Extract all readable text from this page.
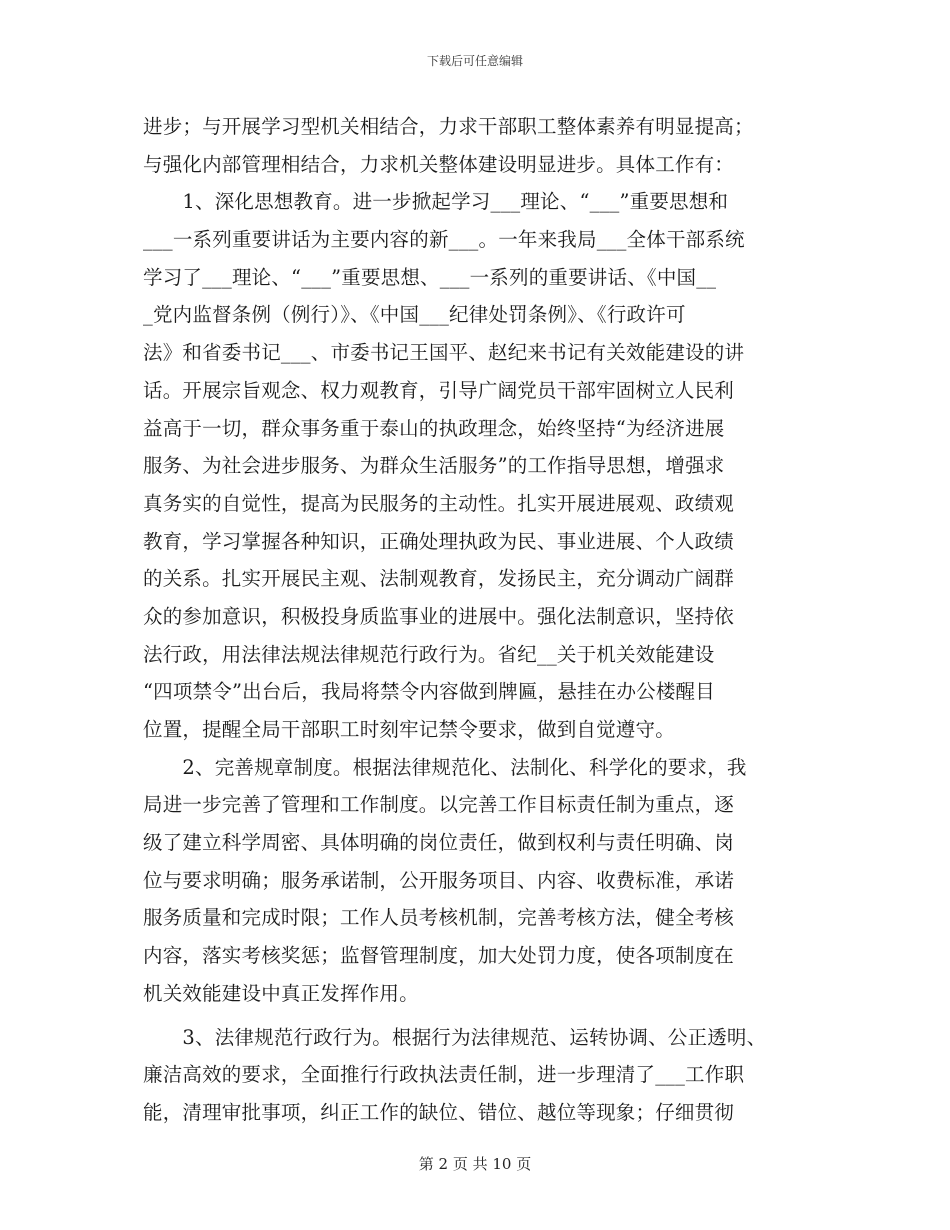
下载后可任意编辑
进步；与开展学习型机关相结合，力求干部职工整体素养有明显提高；
与强化内部管理相结合，力求机关整体建设明显进步。具体工作有：
　　1、深化思想教育。进一步掀起学习___理论、“___”重要思想和
___一系列重要讲话为主要内容的新___。一年来我局___全体干部系统
学习了___理论、“___”重要思想、___一系列的重要讲话、《中国__
_党内监督条例（例行）》、《中国___纪律处罚条例》、《行政许可
法》和省委书记___、市委书记王国平、赵纪来书记有关效能建设的讲
话。开展宗旨观念、权力观教育，引导广阔党员干部牢固树立人民利
益高于一切，群众事务重于泰山的执政理念，始终坚持“为经济进展
服务、为社会进步服务、为群众生活服务”的工作指导思想，增强求
真务实的自觉性，提高为民服务的主动性。扎实开展进展观、政绩观
教育，学习掌握各种知识，正确处理执政为民、事业进展、个人政绩
的关系。扎实开展民主观、法制观教育，发扬民主，充分调动广阔群
众的参加意识，积极投身质监事业的进展中。强化法制意识，坚持依
法行政，用法律法规法律规范行政行为。省纪__关于机关效能建设
“四项禁令”出台后，我局将禁令内容做到牌匾，悬挂在办公楼醒目
位置，提醒全局干部职工时刻牢记禁令要求，做到自觉遵守。
　　2、完善规章制度。根据法律规范化、法制化、科学化的要求，我
局进一步完善了管理和工作制度。以完善工作目标责任制为重点，逐
级了建立科学周密、具体明确的岗位责任，做到权利与责任明确、岗
位与要求明确；服务承诺制，公开服务项目、内容、收费标准，承诺
服务质量和完成时限；工作人员考核机制，完善考核方法，健全考核
内容，落实考核奖惩；监督管理制度，加大处罚力度，使各项制度在
机关效能建设中真正发挥作用。
　　3、法律规范行政行为。根据行为法律规范、运转协调、公正透明、
廉洁高效的要求，全面推行行政执法责任制，进一步理清了___工作职
能，清理审批事项，纠正工作的缺位、错位、越位等现象；仔细贯彻
第 2 页 共 10 页
